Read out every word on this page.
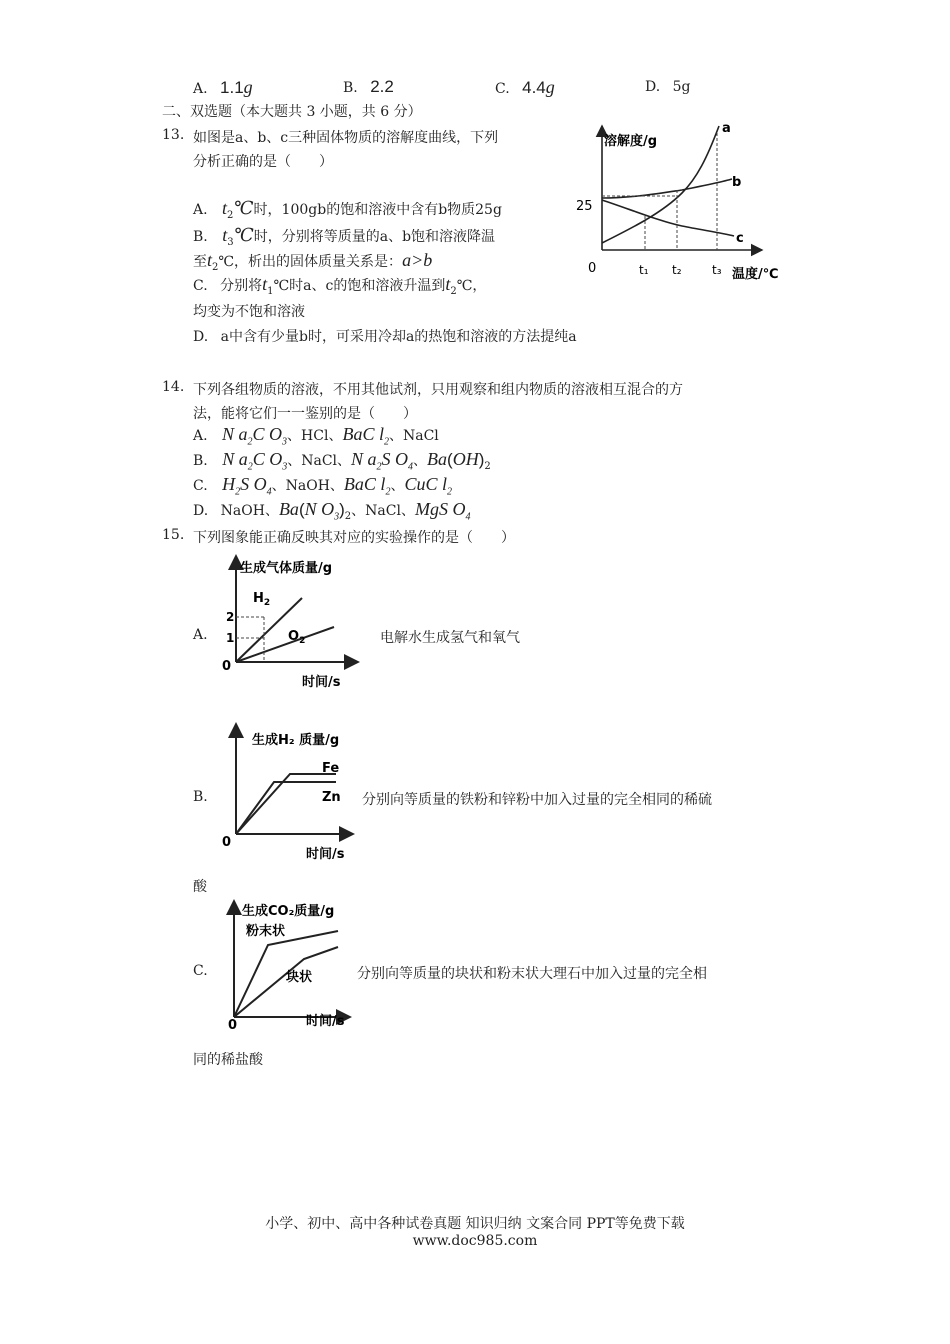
A. 1.1g	B. 2.2	C. 4.4g	D. 5g
二、双选题（本大题共 3 小题，共 6 分）
13. 如图是a、b、c三种固体物质的溶解度曲线，下列
分析正确的是（　　）
A. $t_2℃$时，100gb的饱和溶液中含有b物质25g
B. $t_3℃$时，分别将等质量的a、b饱和溶液降温
至$t_2℃$，析出的固体质量关系是：a>b
C. 分别将$t_1℃$时a、c的饱和溶液升温到$t_2℃$，
均变为不饱和溶液
D. a中含有少量b时，可采用冷却a的热饱和溶液的方法提纯a
溶解度/g
25
0	t₁ t₂	t₃ 温度/℃
a
b
c
14. 下列各组物质的溶液，不用其他试剂，只用观察和组内物质的溶液相互混合的方
法，能将它们一一鉴别的是（　　）
A. N $a_2C$ $O_3$、HCl、BaC $l_2$、NaCl
B. N $a_2C$ $O_3$、NaCl、N $a_2S$ $O_4$、$Ba(OH)_2$
C. $H_2S$ $O_4$、NaOH、BaC $l_2$、CuC $l_2$
D. NaOH、Ba(N $O_3)_2$、NaCl、MgS $O_4$
15. 下列图象能正确反映其对应的实验操作的是（　　）
A.
生成气体质量/g
2
1
0
$H_2$
$O_2$
时间/s
电解水生成氢气和氧气
B.
生成H₂ 质量/g
0
Fe
Zn
时间/s
分别向等质量的铁粉和锌粉中加入过量的完全相同的稀硫
酸
C.
生成CO₂质量/g
粉末状
块状
0	时间/s
分别向等质量的块状和粉末状大理石中加入过量的完全相
同的稀盐酸
小学、初中、高中各种试卷真题 知识归纳 文案合同 PPT等免费下载
www.doc985.com
